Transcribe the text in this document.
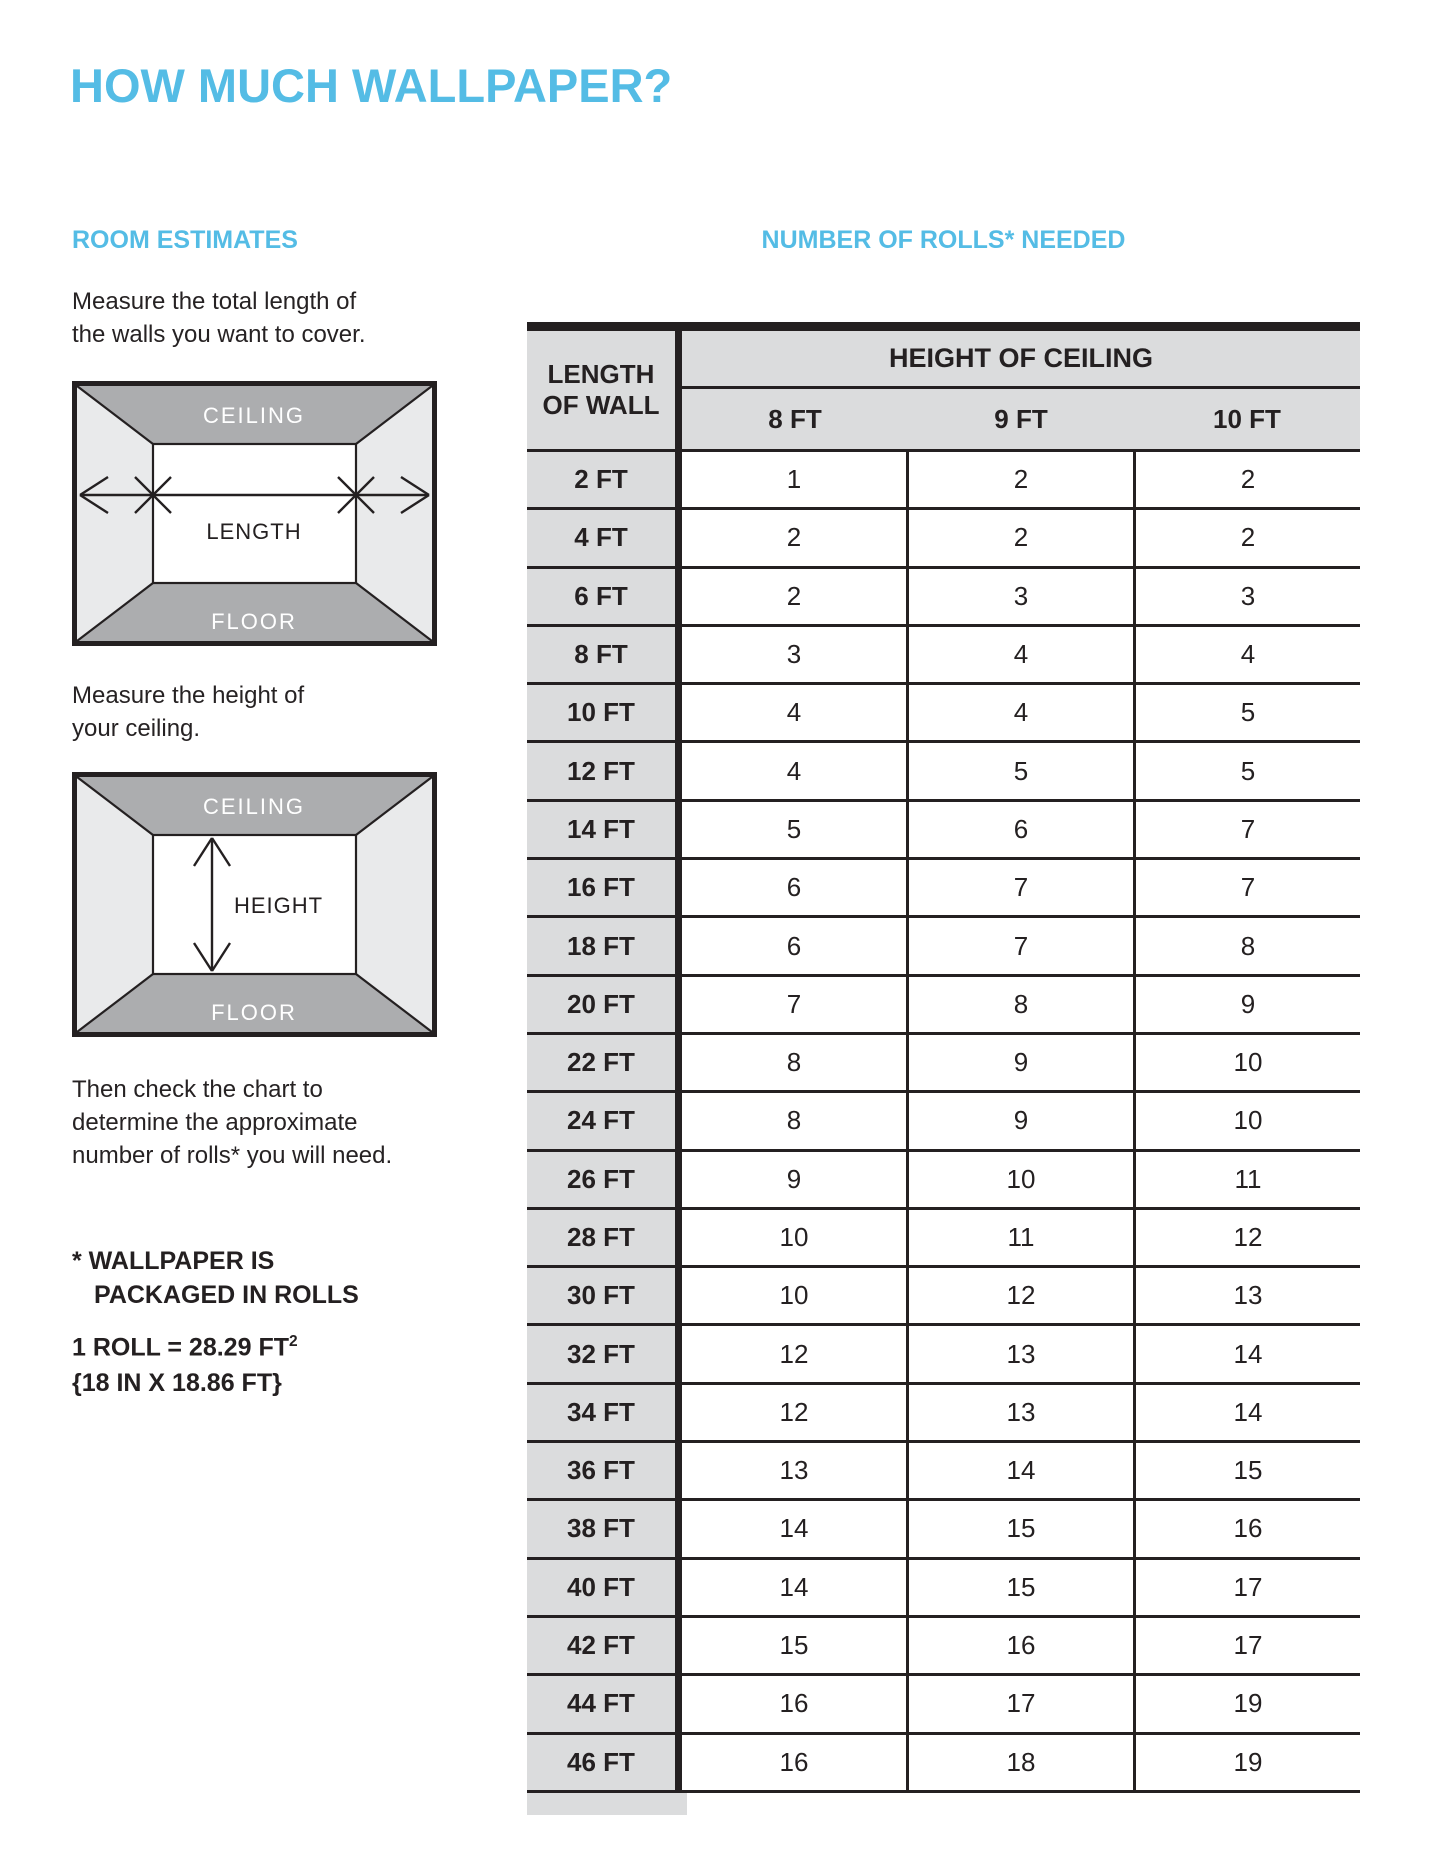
HOW MUCH WALLPAPER?
ROOM ESTIMATES	NUMBER OF ROLLS* NEEDED
Measure the total length of
the walls you want to cover.
CEILING
FLOOR
LENGTH
Measure the height of
your ceiling.
CEILING
FLOOR
HEIGHT
Then check the chart to
determine the approximate
number of rolls* you will need.
* WALLPAPER IS
PACKAGED IN ROLLS
1 ROLL = 28.29 $FT^2$
{18 IN X 18.86 FT}
LENGTH
OF WALL
HEIGHT OF CEILING
8 FT	9 FT	10 FT
2 FT	1	2	2
4 FT	2	2	2
6 FT	2	3	3
8 FT	3	4	4
10 FT	4	4	5
12 FT	4	5	5
14 FT	5	6	7
16 FT	6	7	7
18 FT	6	7	8
20 FT	7	8	9
22 FT	8	9	10
24 FT	8	9	10
26 FT	9	10	11
28 FT	10	11	12
30 FT	10	12	13
32 FT	12	13	14
34 FT	12	13	14
36 FT	13	14	15
38 FT	14	15	16
40 FT	14	15	17
42 FT	15	16	17
44 FT	16	17	19
46 FT	16	18	19
